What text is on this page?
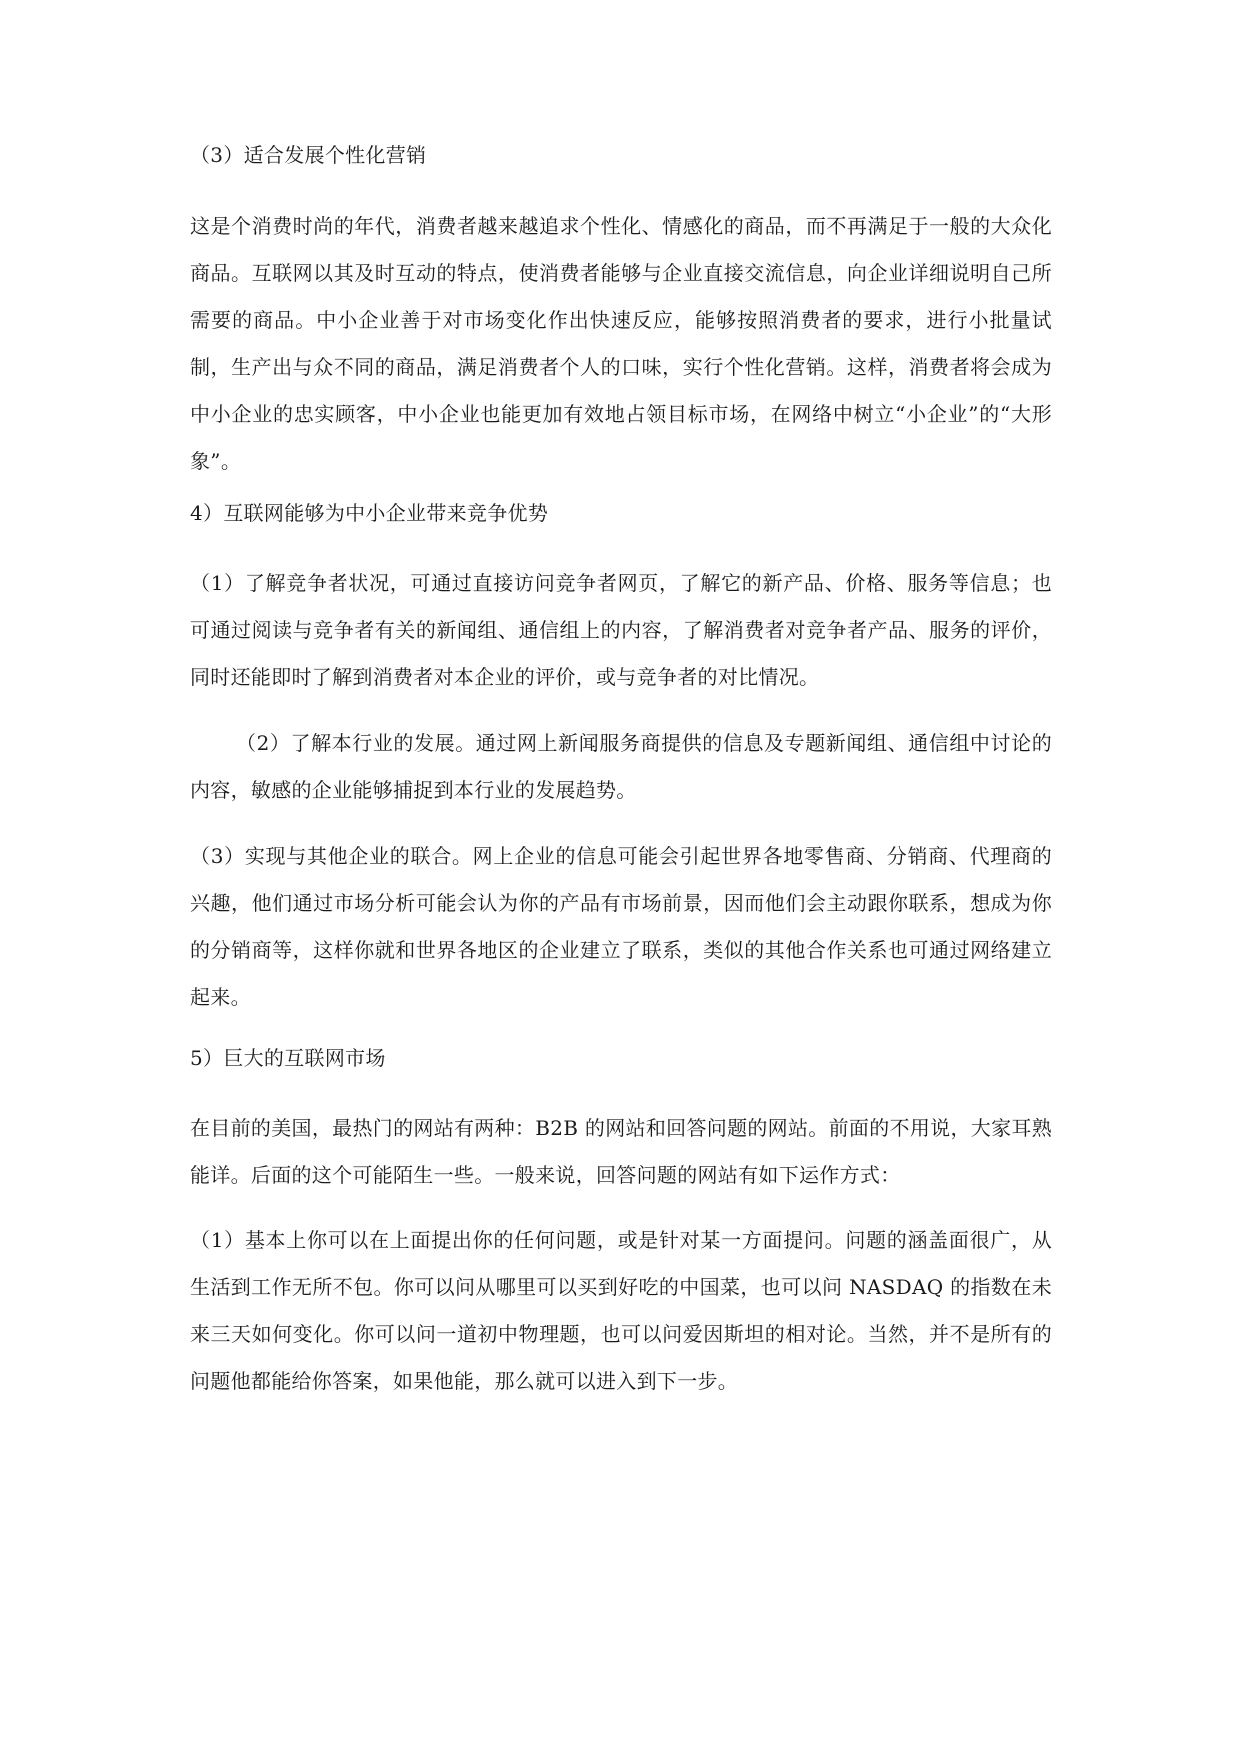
（3）适合发展个性化营销

这是个消费时尚的年代，消费者越来越追求个性化、情感化的商品，而不再满足于一般的大众化商品。互联网以其及时互动的特点，使消费者能够与企业直接交流信息，向企业详细说明自己所需要的商品。中小企业善于对市场变化作出快速反应，能够按照消费者的要求，进行小批量试制，生产出与众不同的商品，满足消费者个人的口味，实行个性化营销。这样，消费者将会成为中小企业的忠实顾客，中小企业也能更加有效地占领目标市场，在网络中树立“小企业”的“大形象”。

4）互联网能够为中小企业带来竞争优势

（1）了解竞争者状况，可通过直接访问竞争者网页，了解它的新产品、价格、服务等信息；也可通过阅读与竞争者有关的新闻组、通信组上的内容，了解消费者对竞争者产品、服务的评价，同时还能即时了解到消费者对本企业的评价，或与竞争者的对比情况。

（2）了解本行业的发展。通过网上新闻服务商提供的信息及专题新闻组、通信组中讨论的内容，敏感的企业能够捕捉到本行业的发展趋势。

（3）实现与其他企业的联合。网上企业的信息可能会引起世界各地零售商、分销商、代理商的兴趣，他们通过市场分析可能会认为你的产品有市场前景，因而他们会主动跟你联系，想成为你的分销商等，这样你就和世界各地区的企业建立了联系，类似的其他合作关系也可通过网络建立起来。

5）巨大的互联网市场

在目前的美国，最热门的网站有两种：B2B 的网站和回答问题的网站。前面的不用说，大家耳熟能详。后面的这个可能陌生一些。一般来说，回答问题的网站有如下运作方式：

（1）基本上你可以在上面提出你的任何问题，或是针对某一方面提问。问题的涵盖面很广，从生活到工作无所不包。你可以问从哪里可以买到好吃的中国菜，也可以问 NASDAQ 的指数在未来三天如何变化。你可以问一道初中物理题，也可以问爱因斯坦的相对论。当然，并不是所有的问题他都能给你答案，如果他能，那么就可以进入到下一步。
